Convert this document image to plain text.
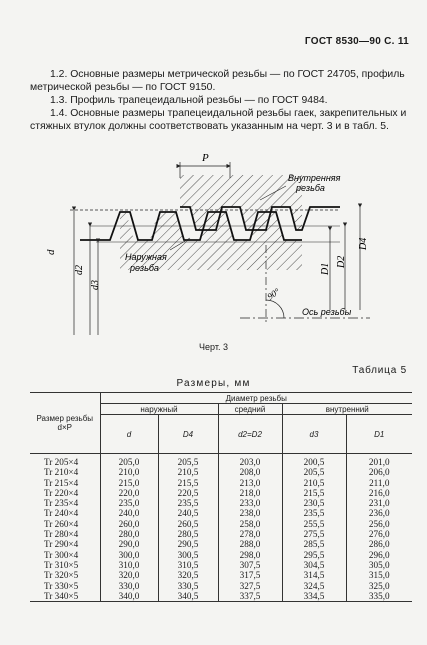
ГОСТ 8530—90 С. 11

1.2. Основные размеры метрической резьбы — по ГОСТ 24705, профиль метрической резьбы — по ГОСТ 9150.

1.3. Профиль трапецеидальной резьбы — по ГОСТ 9484.

1.4. Основные размеры трапецеидальной резьбы гаек, закрепительных и стяжных втулок должны соответствовать указанным на черт. 3 и в табл. 5.

P
Внутренняя
резьба
Наружная
резьба
d
d2
d3
D1
D2
D4
90°
Ось резьбы
Черт. 3
Таблица 5
Размеры, мм
Размер резьбы d×P	Диаметр резьбы				
	наружный		средний	внутренний	
	d	D4	d2=D2	d3	D1
Tr 205×4	205,0	205,5	203,0	200,5	201,0
Tr 210×4	210,0	210,5	208,0	205,5	206,0
Tr 215×4	215,0	215,5	213,0	210,5	211,0
Tr 220×4	220,0	220,5	218,0	215,5	216,0
Tr 235×4	235,0	235,5	233,0	230,5	231,0
Tr 240×4	240,0	240,5	238,0	235,5	236,0
Tr 260×4	260,0	260,5	258,0	255,5	256,0
Tr 280×4	280,0	280,5	278,0	275,5	276,0
Tr 290×4	290,0	290,5	288,0	285,5	286,0
Tr 300×4	300,0	300,5	298,0	295,5	296,0
Tr 310×5	310,0	310,5	307,5	304,5	305,0
Tr 320×5	320,0	320,5	317,5	314,5	315,0
Tr 330×5	330,0	330,5	327,5	324,5	325,0
Tr 340×5	340,0	340,5	337,5	334,5	335,0
